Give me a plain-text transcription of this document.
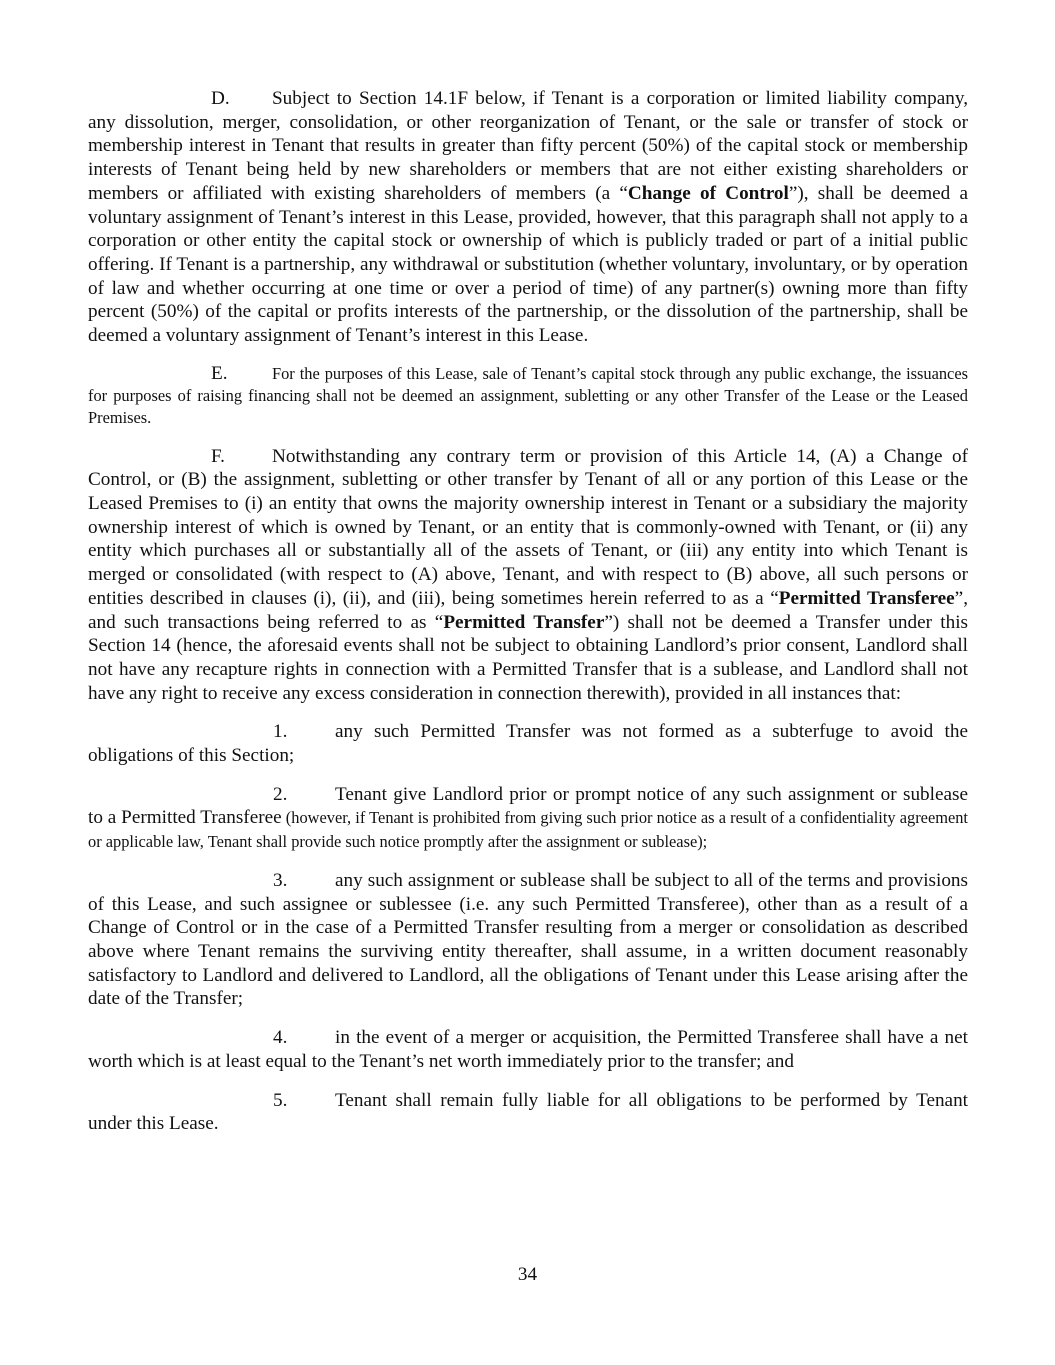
D. Subject to Section 14.1F below, if Tenant is a corporation or limited liability company, any dissolution, merger, consolidation, or other reorganization of Tenant, or the sale or transfer of stock or membership interest in Tenant that results in greater than fifty percent (50%) of the capital stock or membership interests of Tenant being held by new shareholders or members that are not either existing shareholders or members or affiliated with existing shareholders of members (a “Change of Control”), shall be deemed a voluntary assignment of Tenant’s interest in this Lease, provided, however, that this paragraph shall not apply to a corporation or other entity the capital stock or ownership of which is publicly traded or part of a initial public offering. If Tenant is a partnership, any withdrawal or substitution (whether voluntary, involuntary, or by operation of law and whether occurring at one time or over a period of time) of any partner(s) owning more than fifty percent (50%) of the capital or profits interests of the partnership, or the dissolution of the partnership, shall be deemed a voluntary assignment of Tenant’s interest in this Lease.

E.	For the purposes of this Lease, sale of Tenant’s capital stock through any public exchange, the issuances for purposes of raising financing shall not be deemed an assignment, subletting or any other Transfer of the Lease or the Leased Premises.

F. Notwithstanding any contrary term or provision of this Article 14, (A) a Change of Control, or (B) the assignment, subletting or other transfer by Tenant of all or any portion of this Lease or the Leased Premises to (i) an entity that owns the majority ownership interest in Tenant or a subsidiary the majority ownership interest of which is owned by Tenant, or an entity that is commonly-owned with Tenant, or (ii) any entity which purchases all or substantially all of the assets of Tenant, or (iii) any entity into which Tenant is merged or consolidated (with respect to (A) above, Tenant, and with respect to (B) above, all such persons or entities described in clauses (i), (ii), and (iii), being sometimes herein referred to as a “Permitted Transferee”, and such transactions being referred to as “Permitted Transfer”) shall not be deemed a Transfer under this Section 14 (hence, the aforesaid events shall not be subject to obtaining Landlord’s prior consent, Landlord shall not have any recapture rights in connection with a Permitted Transfer that is a sublease, and Landlord shall not have any right to receive any excess consideration in connection therewith), provided in all instances that:

1. any such Permitted Transfer was not formed as a subterfuge to avoid the obligations of this Section;

2. Tenant give Landlord prior or prompt notice of any such assignment or sublease to a Permitted Transferee (however, if Tenant is prohibited from giving such prior notice as a result of a confidentiality agreement or applicable law, Tenant shall provide such notice promptly after the assignment or sublease);

3. any such assignment or sublease shall be subject to all of the terms and provisions of this Lease, and such assignee or sublessee (i.e. any such Permitted Transferee), other than as a result of a Change of Control or in the case of a Permitted Transfer resulting from a merger or consolidation as described above where Tenant remains the surviving entity thereafter, shall assume, in a written document reasonably satisfactory to Landlord and delivered to Landlord, all the obligations of Tenant under this Lease arising after the date of the Transfer;

4. in the event of a merger or acquisition, the Permitted Transferee shall have a net worth which is at least equal to the Tenant’s net worth immediately prior to the transfer; and

5. Tenant shall remain fully liable for all obligations to be performed by Tenant under this Lease.

34
